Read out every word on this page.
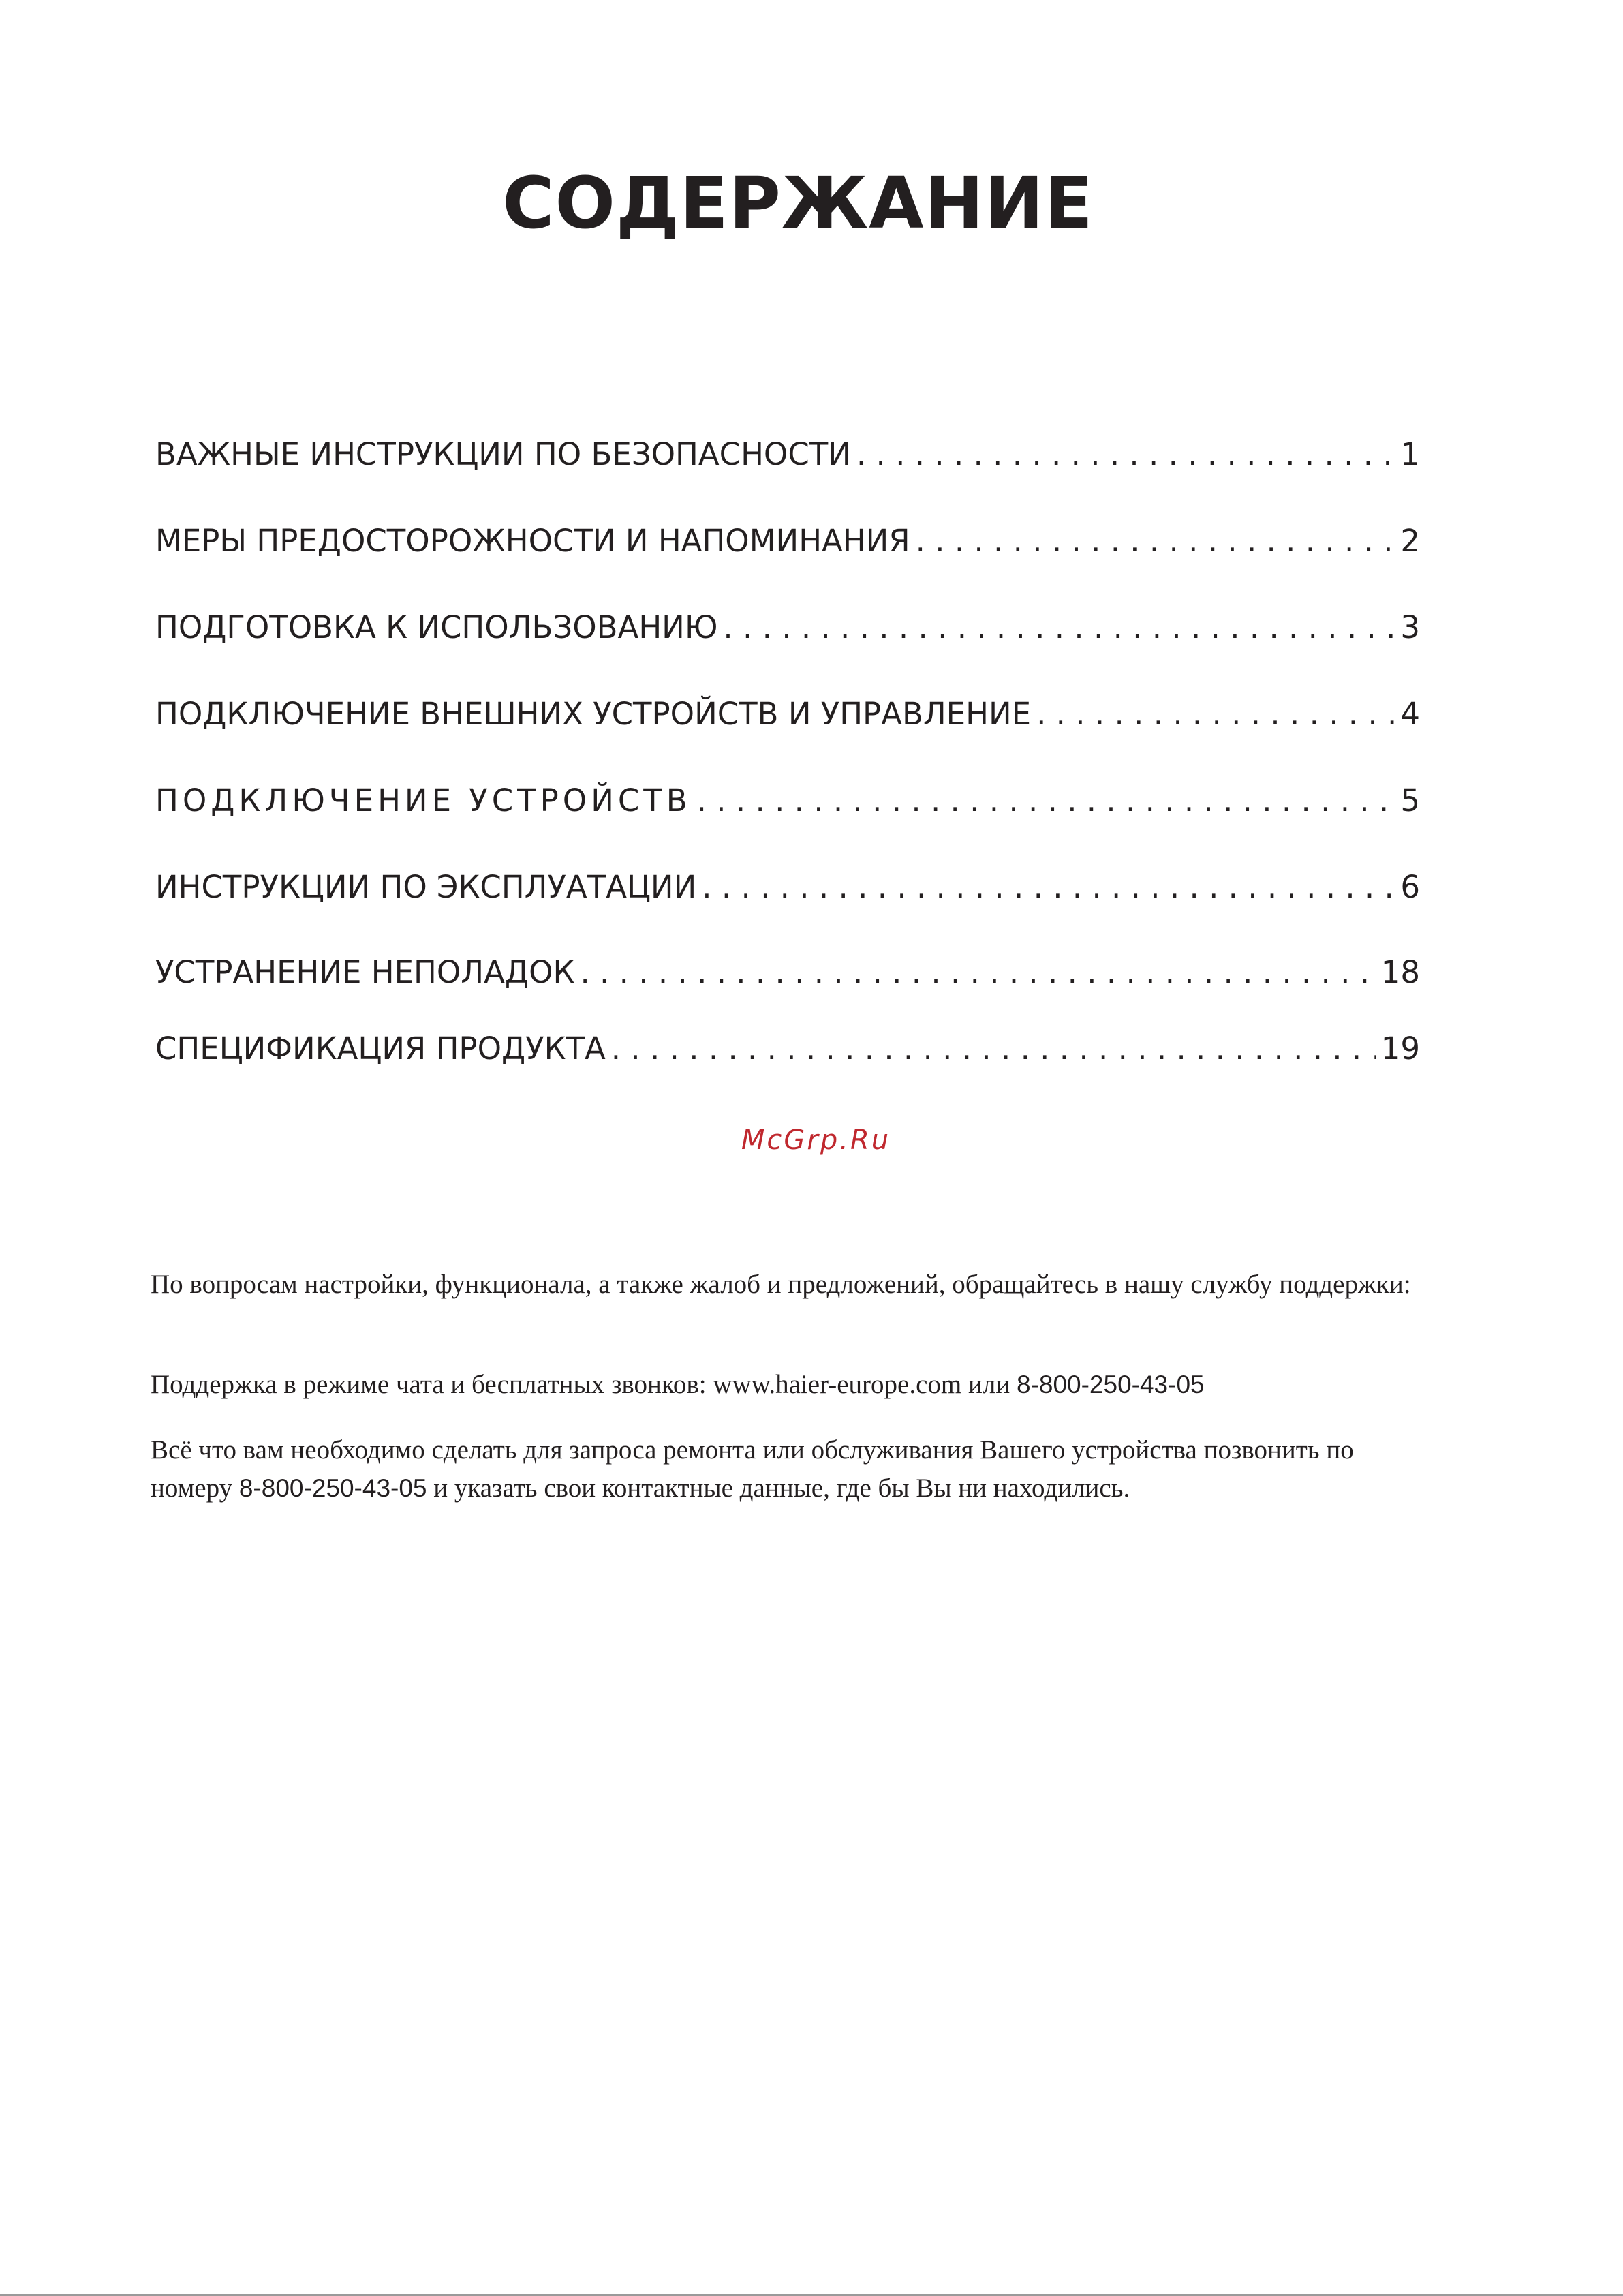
СОДЕРЖАНИЕ
ВАЖНЫЕ ИНСТРУКЦИИ ПО БЕЗОПАСНОСТИ . . .	1
МЕРЫ ПРЕДОСТОРОЖНОСТИ И НАПОМИНАНИЯ . . .	2
ПОДГОТОВКА К ИСПОЛЬЗОВАНИЮ . . .	3
ПОДКЛЮЧЕНИЕ ВНЕШНИХ УСТРОЙСТВ И УПРАВЛЕНИЕ . . .	4
ПОДКЛЮЧЕНИЕ УСТРОЙСТВ . . .	5
ИНСТРУКЦИИ ПО ЭКСПЛУАТАЦИИ . . .	6
УСТРАНЕНИЕ НЕПОЛАДОК . . .	18
СПЕЦИФИКАЦИЯ ПРОДУКТА . . .	19
McGrp.Ru
По вопросам настройки, функционала, а также жалоб и предложений, обращайтесь в нашу службу поддержки:
Поддержка в режиме чата и бесплатных звонков: www.haier-europe.com или 8-800-250-43-05
Всё что вам необходимо сделать для запроса ремонта или обслуживания Вашего устройства позвонить по
номеру 8-800-250-43-05 и указать свои контактные данные, где бы Вы ни находились.
